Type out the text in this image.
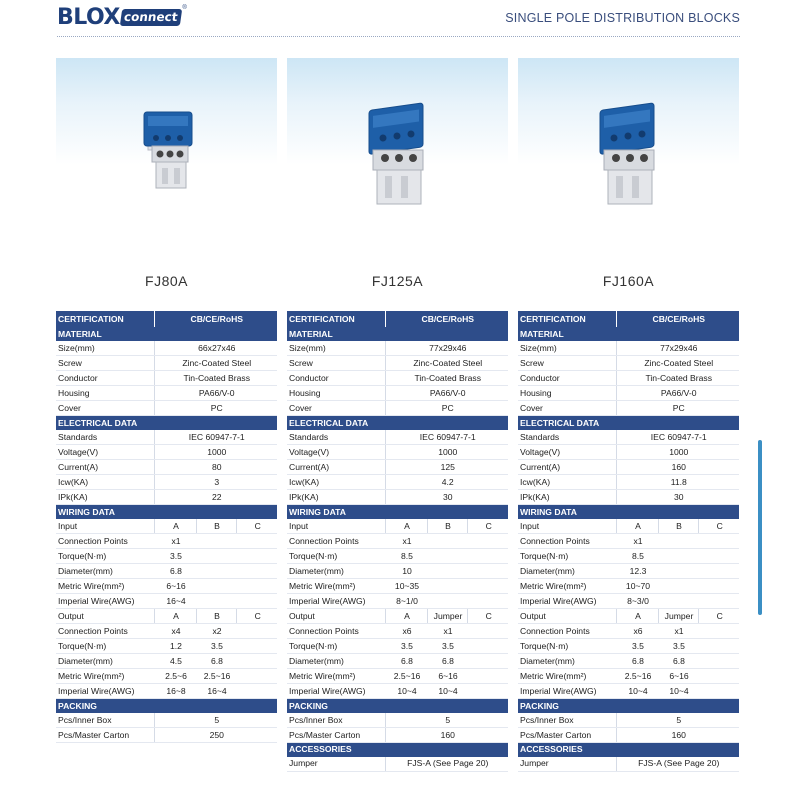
BLOX connect
®
SINGLE POLE DISTRIBUTION BLOCKS
FJ80A	FJ125A	FJ160A
CERTIFICATION	CB/CE/RoHS		

MATERIAL			
Size(mm)	66x27x46		
Screw	Zinc-Coated Steel		
Conductor	Tin-Coated Brass		
Housing	PA66/V-0		
Cover	PC		
ELECTRICAL DATA			
Standards	IEC 60947-7-1		
Voltage(V)	1000		
Current(A)	80		
Icw(KA)	3		
IPk(KA)	22		
WIRING DATA			
Input	A	B	C
Connection Points	x1		
Torque(N·m)	3.5		
Diameter(mm)	6.8		
Metric Wire(mm²)	6~16		
Imperial Wire(AWG)	16~4		
Output	A	B	C
Connection Points	x4	x2	
Torque(N·m)	1.2	3.5	
Diameter(mm)	4.5	6.8	
Metric Wire(mm²)	2.5~6	2.5~16	
Imperial Wire(AWG)	16~8	16~4	
PACKING			
Pcs/Inner Box	5		
Pcs/Master Carton	250		
CERTIFICATION	CB/CE/RoHS		

MATERIAL			
Size(mm)	77x29x46		
Screw	Zinc-Coated Steel		
Conductor	Tin-Coated Brass		
Housing	PA66/V-0		
Cover	PC		
ELECTRICAL DATA			
Standards	IEC 60947-7-1		
Voltage(V)	1000		
Current(A)	125		
Icw(KA)	4.2		
IPk(KA)	30		
WIRING DATA			
Input	A	B	C
Connection Points	x1		
Torque(N·m)	8.5		
Diameter(mm)	10		
Metric Wire(mm²)	10~35		
Imperial Wire(AWG)	8~1/0		
Output	A	Jumper	C
Connection Points	x6	x1	
Torque(N·m)	3.5	3.5	
Diameter(mm)	6.8	6.8	
Metric Wire(mm²)	2.5~16	6~16	
Imperial Wire(AWG)	10~4	10~4	
PACKING			
Pcs/Inner Box	5		
Pcs/Master Carton	160		

ACCESSORIES			
Jumper	FJS-A (See Page 20)		
CERTIFICATION	CB/CE/RoHS		

MATERIAL			
Size(mm)	77x29x46		
Screw	Zinc-Coated Steel		
Conductor	Tin-Coated Brass		
Housing	PA66/V-0		
Cover	PC		
ELECTRICAL DATA			
Standards	IEC 60947-7-1		
Voltage(V)	1000		
Current(A)	160		
Icw(KA)	11.8		
IPk(KA)	30		
WIRING DATA			
Input	A	B	C
Connection Points	x1		
Torque(N·m)	8.5		
Diameter(mm)	12.3		
Metric Wire(mm²)	10~70		
Imperial Wire(AWG)	8~3/0		
Output	A	Jumper	C
Connection Points	x6	x1	
Torque(N·m)	3.5	3.5	
Diameter(mm)	6.8	6.8	
Metric Wire(mm²)	2.5~16	6~16	
Imperial Wire(AWG)	10~4	10~4	
PACKING			
Pcs/Inner Box	5		
Pcs/Master Carton	160		

ACCESSORIES			
Jumper	FJS-A (See Page 20)		
